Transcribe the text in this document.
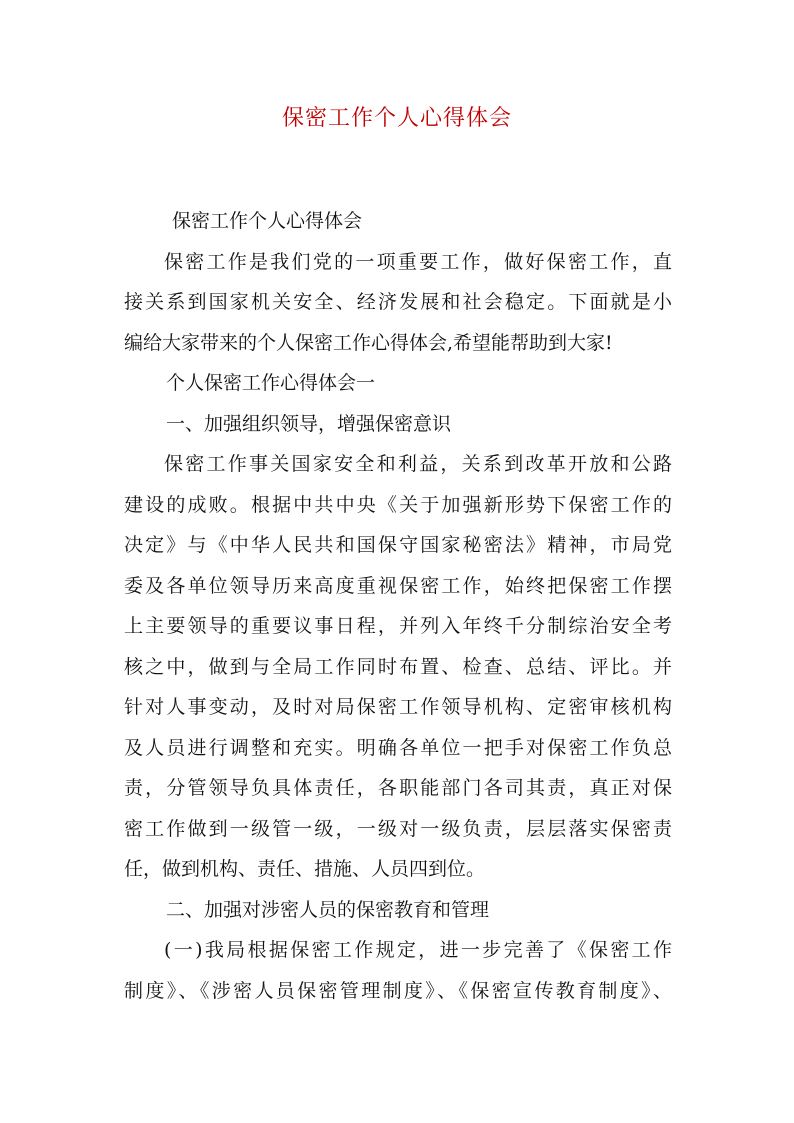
保密工作个人心得体会
保密工作个人心得体会
保密工作是我们党的一项重要工作，做好保密工作，直
接关系到国家机关安全、经济发展和社会稳定。下面就是小
编给大家带来的个人保密工作心得体会,希望能帮助到大家!
个人保密工作心得体会一
一、加强组织领导，增强保密意识
保密工作事关国家安全和利益，关系到改革开放和公路
建设的成败。根据中共中央《关于加强新形势下保密工作的
决定》与《中华人民共和国保守国家秘密法》精神，市局党
委及各单位领导历来高度重视保密工作，始终把保密工作摆
上主要领导的重要议事日程，并列入年终千分制综治安全考
核之中，做到与全局工作同时布置、检查、总结、评比。并
针对人事变动，及时对局保密工作领导机构、定密审核机构
及人员进行调整和充实。明确各单位一把手对保密工作负总
责，分管领导负具体责任，各职能部门各司其责，真正对保
密工作做到一级管一级，一级对一级负责，层层落实保密责
任，做到机构、责任、措施、人员四到位。
二、加强对涉密人员的保密教育和管理
(一)我局根据保密工作规定，进一步完善了《保密工作
制度》、《涉密人员保密管理制度》、《保密宣传教育制度》、
